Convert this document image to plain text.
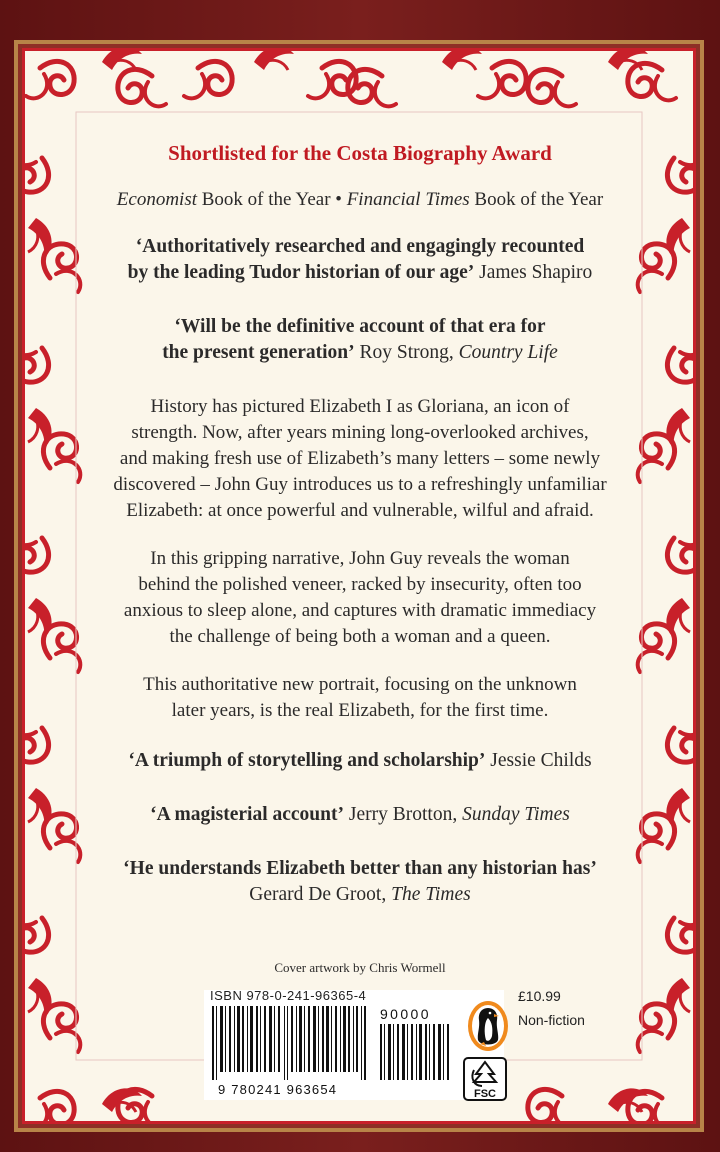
Shortlisted for the Costa Biography Award

Economist Book of the Year • Financial Times Book of the Year

‘Authoritatively researched and engagingly recounted
by the leading Tudor historian of our age’ James Shapiro

‘Will be the definitive account of that era for
the present generation’ Roy Strong, Country Life

History has pictured Elizabeth I as Gloriana, an icon of
strength. Now, after years mining long-overlooked archives,
and making fresh use of Elizabeth’s many letters – some newly
discovered – John Guy introduces us to a refreshingly unfamiliar
Elizabeth: at once powerful and vulnerable, wilful and afraid.

In this gripping narrative, John Guy reveals the woman
behind the polished veneer, racked by insecurity, often too
anxious to sleep alone, and captures with dramatic immediacy
the challenge of being both a woman and a queen.

This authoritative new portrait, focusing on the unknown
later years, is the real Elizabeth, for the first time.

‘A triumph of storytelling and scholarship’ Jessie Childs

‘A magisterial account’ Jerry Brotton, Sunday Times

‘He understands Elizabeth better than any historian has’
Gerard De Groot, The Times

Cover artwork by Chris Wormell

ISBN 978-0-241-96365-4
9 780241 963654
90000
FSC
£10.99
Non-fiction
